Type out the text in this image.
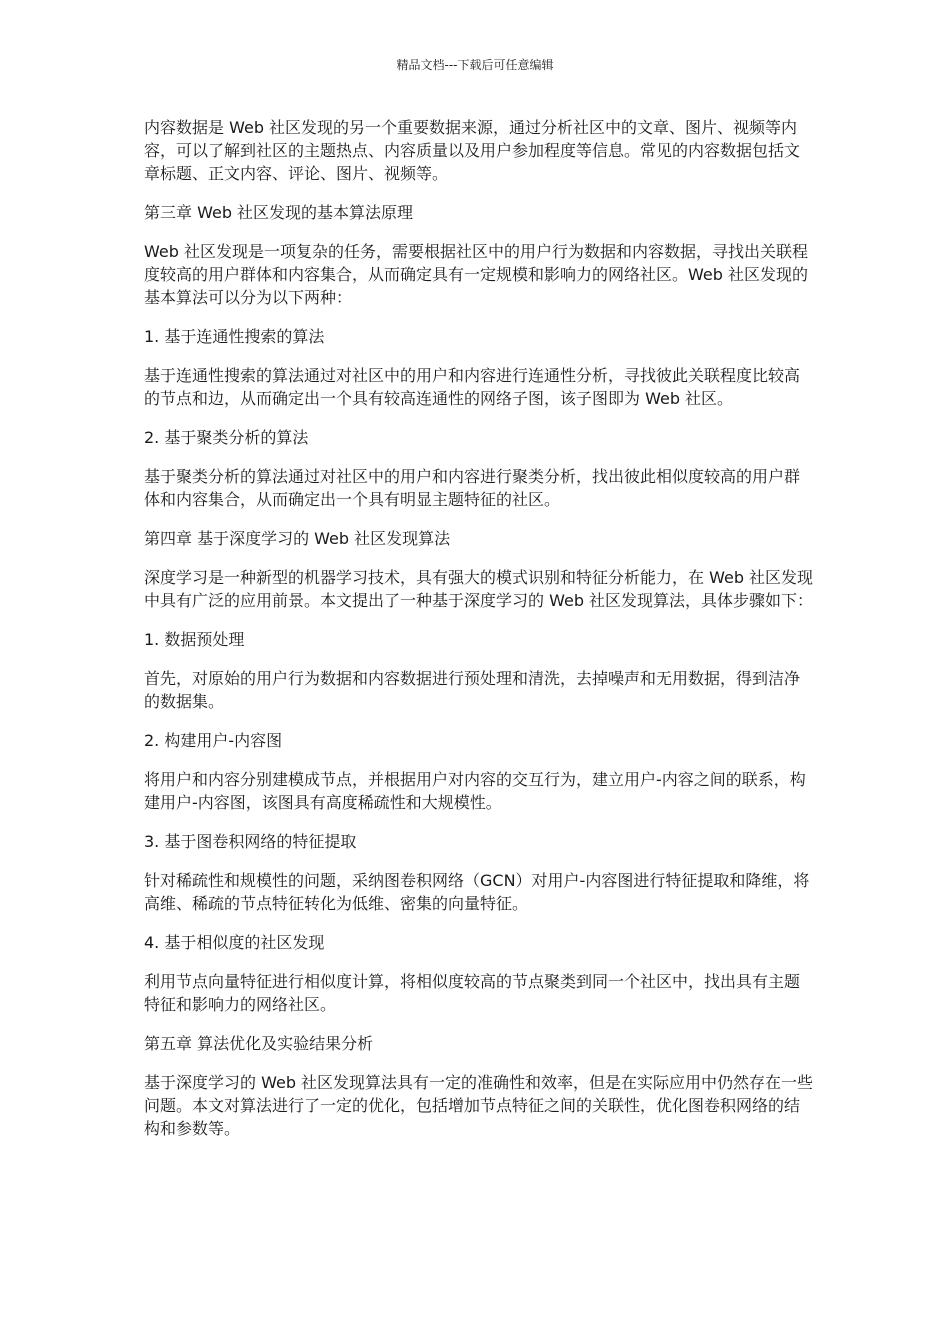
精品文档---下载后可任意编辑

内容数据是 Web 社区发现的另一个重要数据来源，通过分析社区中的文章、图片、视频等内容，可以了解到社区的主题热点、内容质量以及用户参加程度等信息。常见的内容数据包括文章标题、正文内容、评论、图片、视频等。

第三章 Web 社区发现的基本算法原理

Web 社区发现是一项复杂的任务，需要根据社区中的用户行为数据和内容数据，寻找出关联程度较高的用户群体和内容集合，从而确定具有一定规模和影响力的网络社区。Web 社区发现的基本算法可以分为以下两种：

1. 基于连通性搜索的算法

基于连通性搜索的算法通过对社区中的用户和内容进行连通性分析，寻找彼此关联程度比较高的节点和边，从而确定出一个具有较高连通性的网络子图，该子图即为 Web 社区。

2. 基于聚类分析的算法

基于聚类分析的算法通过对社区中的用户和内容进行聚类分析，找出彼此相似度较高的用户群体和内容集合，从而确定出一个具有明显主题特征的社区。

第四章 基于深度学习的 Web 社区发现算法

深度学习是一种新型的机器学习技术，具有强大的模式识别和特征分析能力，在 Web 社区发现中具有广泛的应用前景。本文提出了一种基于深度学习的 Web 社区发现算法，具体步骤如下：

1. 数据预处理

首先，对原始的用户行为数据和内容数据进行预处理和清洗，去掉噪声和无用数据，得到洁净的数据集。

2. 构建用户-内容图

将用户和内容分别建模成节点，并根据用户对内容的交互行为，建立用户-内容之间的联系，构建用户-内容图，该图具有高度稀疏性和大规模性。

3. 基于图卷积网络的特征提取

针对稀疏性和规模性的问题，采纳图卷积网络（GCN）对用户-内容图进行特征提取和降维，将高维、稀疏的节点特征转化为低维、密集的向量特征。

4. 基于相似度的社区发现

利用节点向量特征进行相似度计算，将相似度较高的节点聚类到同一个社区中，找出具有主题特征和影响力的网络社区。

第五章 算法优化及实验结果分析

基于深度学习的 Web 社区发现算法具有一定的准确性和效率，但是在实际应用中仍然存在一些问题。本文对算法进行了一定的优化，包括增加节点特征之间的关联性，优化图卷积网络的结构和参数等。
